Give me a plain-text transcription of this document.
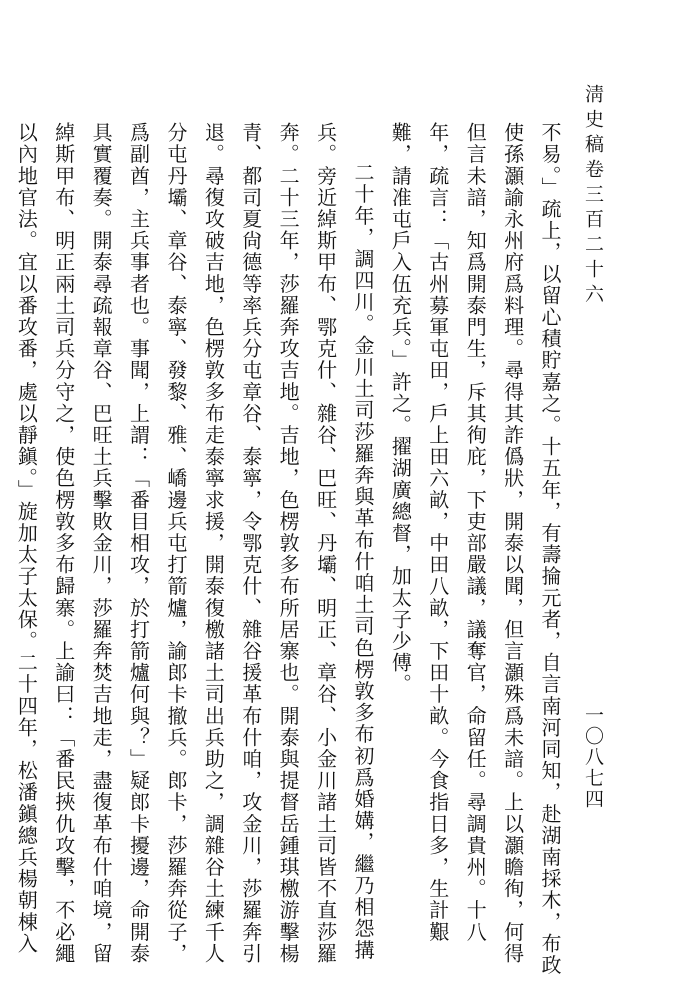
淸史稿卷三百二十六
一〇八七四

不易。」疏上，以留心積貯嘉之。十五年，有壽掄元者，自言南河同知，赴湖南採木，布政使孫灝諭永州府爲料理。尋得其詐僞狀，開泰以聞，但言灝殊爲未諳。上以灝瞻徇，何得但言未諳，知爲開泰門生，斥其徇庇，下吏部嚴議，議奪官，命留任。尋調貴州。十八年，疏言：「古州募軍屯田，戶上田六畝，中田八畝，下田十畝。今食指日多，生計艱難，請准屯戶入伍充兵。」許之。擢湖廣總督，加太子少傅。

二十年，調四川。金川土司莎羅奔與革布什咱土司色楞敦多布初爲婚媾，繼乃相怨搆兵。旁近綽斯甲布、鄂克什、雜谷、巴旺、丹壩、明正、章谷、小金川諸土司皆不直莎羅奔。二十三年，莎羅奔攻吉地。吉地，色楞敦多布所居寨也。開泰與提督岳鍾琪檄游擊楊青、都司夏尙德等率兵分屯章谷、泰寧，令鄂克什、雜谷援革布什咱，攻金川，莎羅奔引退。尋復攻破吉地，色楞敦多布走泰寧求援，開泰復檄諸土司出兵助之，調雜谷土練千人分屯丹壩、章谷、泰寧、發黎、雅、嶠邊兵屯打箭爐，諭郎卡撤兵。郎卡，莎羅奔從子，爲副酋，主兵事者也。事聞，上謂：「番目相攻，於打箭爐何與？」疑郎卡擾邊，命開泰具實覆奏。開泰尋疏報章谷、巴旺土兵擊敗金川，莎羅奔焚吉地走，盡復革布什咱境，留綽斯甲布、明正兩土司兵分守之，使色楞敦多布歸寨。上諭曰：「番民挾仇攻擊，不必繩以內地官法。宜以番攻番，處以靜鎭。」旋加太子太保。二十四年，松潘鎭總兵楊朝棟入
